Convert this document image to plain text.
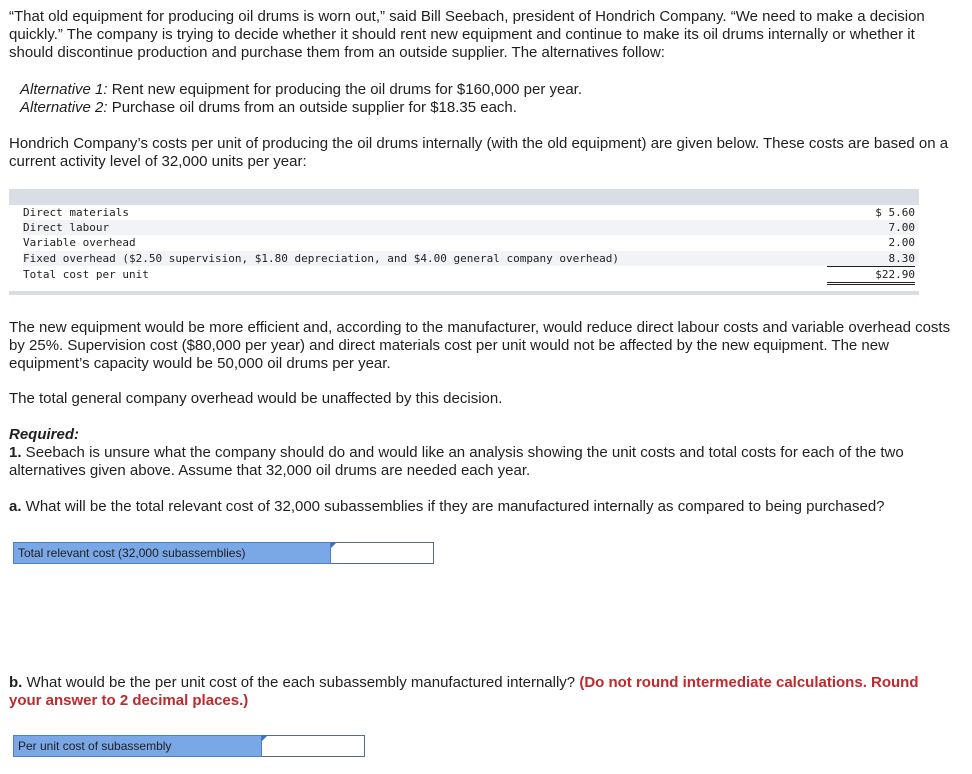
“That old equipment for producing oil drums is worn out,” said Bill Seebach, president of Hondrich Company. “We need to make a decision quickly.” The company is trying to decide whether it should rent new equipment and continue to make its oil drums internally or whether it should discontinue production and purchase them from an outside supplier. The alternatives follow:

Alternative 1: Rent new equipment for producing the oil drums for $160,000 per year.
Alternative 2: Purchase oil drums from an outside supplier for $18.35 each.

Hondrich Company’s costs per unit of producing the oil drums internally (with the old equipment) are given below. These costs are based on a current activity level of 32,000 units per year:

Direct materials	$ 5.60
Direct labour	7.00
Variable overhead	2.00
Fixed overhead ($2.50 supervision, $1.80 depreciation, and $4.00 general company overhead)	8.30
Total cost per unit	$22.90

The new equipment would be more efficient and, according to the manufacturer, would reduce direct labour costs and variable overhead costs by 25%. Supervision cost ($80,000 per year) and direct materials cost per unit would not be affected by the new equipment. The new equipment’s capacity would be 50,000 oil drums per year.

The total general company overhead would be unaffected by this decision.

Required:

1. Seebach is unsure what the company should do and would like an analysis showing the unit costs and total costs for each of the two alternatives given above. Assume that 32,000 oil drums are needed each year.

a. What will be the total relevant cost of 32,000 subassemblies if they are manufactured internally as compared to being purchased?

Total relevant cost (32,000 subassemblies)

b. What would be the per unit cost of the each subassembly manufactured internally? (Do not round intermediate calculations. Round your answer to 2 decimal places.)

Per unit cost of subassembly
